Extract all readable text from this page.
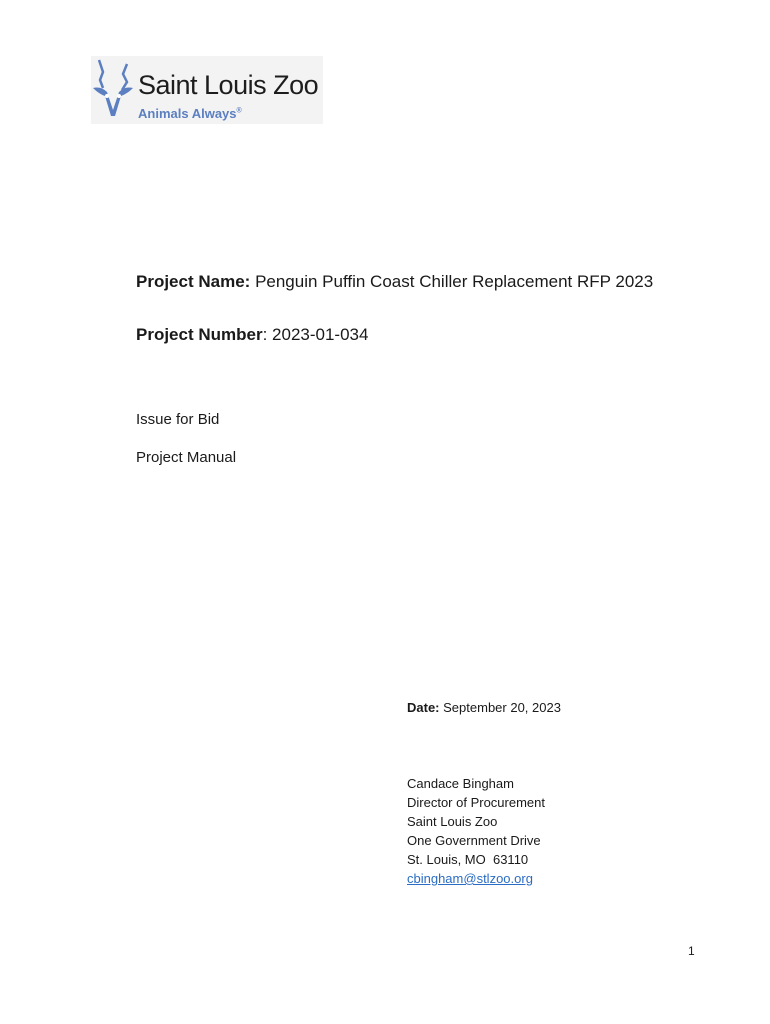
Saint Louis Zoo
Animals Always®
Project Name: Penguin Puffin Coast Chiller Replacement RFP 2023
Project Number: 2023-01-034
Issue for Bid
Project Manual
Date: September 20, 2023
Candace Bingham
Director of Procurement
Saint Louis Zoo
One Government Drive
St. Louis, MO  63110
cbingham@stlzoo.org
1
